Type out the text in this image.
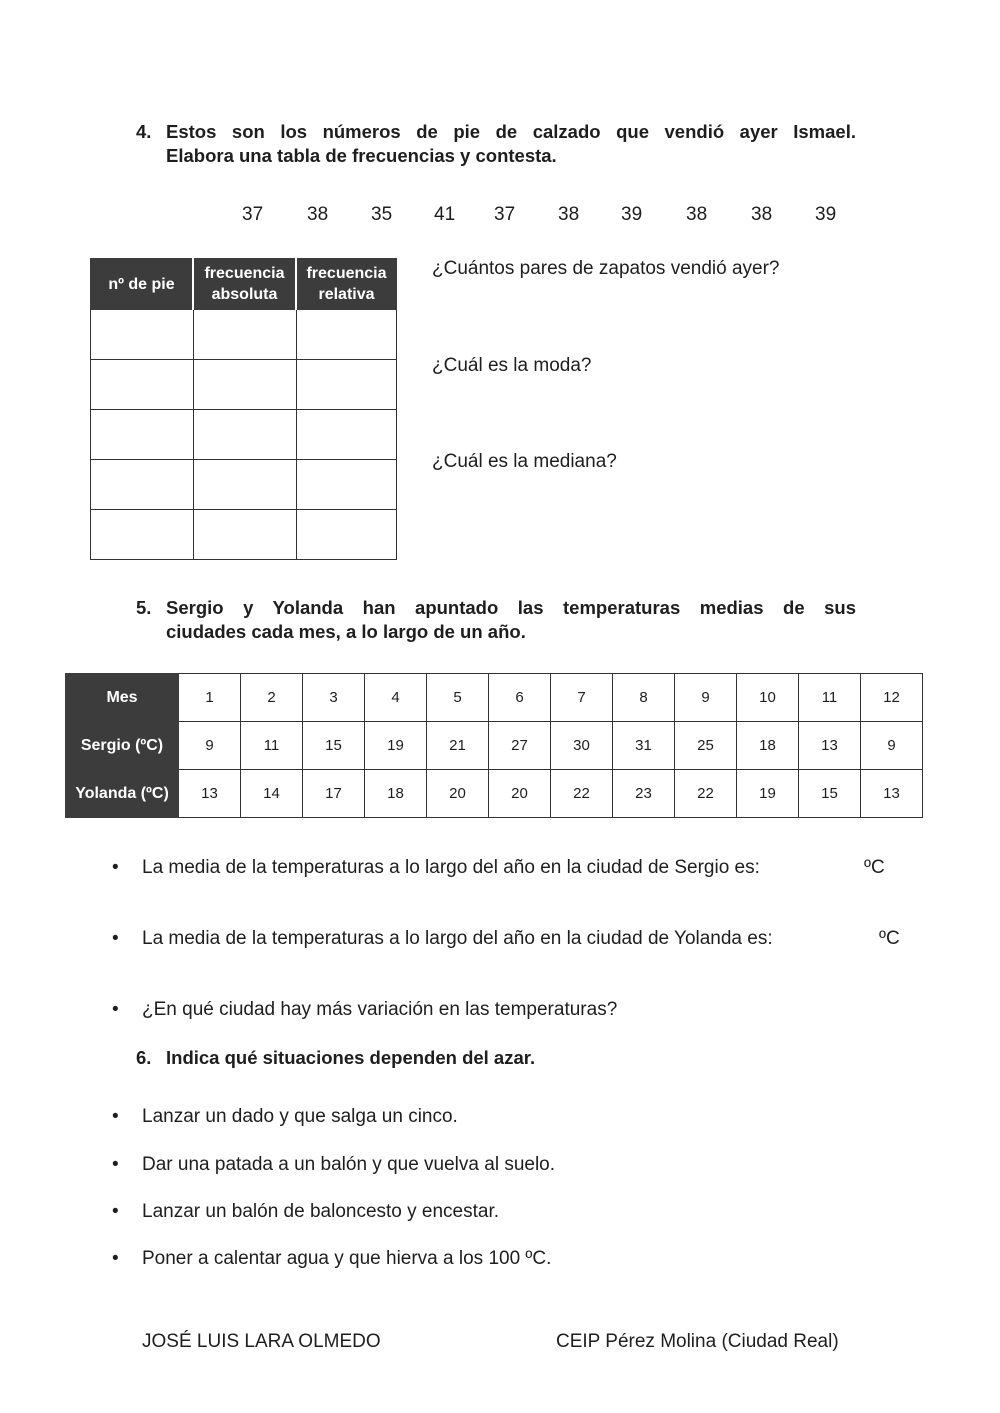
4. Estos son los números de pie de calzado que vendió ayer Ismael.
Elabora una tabla de frecuencias y contesta.
37 38 35 41 37 38 39 38 38 39
nº de pie	frecuencia absoluta	frecuencia relativa

¿Cuántos pares de zapatos vendió ayer?
¿Cuál es la moda?
¿Cuál es la mediana?
5. Sergio y Yolanda han apuntado las temperaturas medias de sus
ciudades cada mes, a lo largo de un año.
Mes	1	2	3	4	5	6	7	8	9	10	11	12
Sergio (ºC)	9	11	15	19	21	27	30	31	25	18	13	9
Yolanda (ºC)	13	14	17	18	20	20	22	23	22	19	15	13
• La media de la temperaturas a lo largo del año en la ciudad de Sergio es:	ºC
• La media de la temperaturas a lo largo del año en la ciudad de Yolanda es:	ºC
• ¿En qué ciudad hay más variación en las temperaturas?
6. Indica qué situaciones dependen del azar.
• Lanzar un dado y que salga un cinco.
• Dar una patada a un balón y que vuelva al suelo.
• Lanzar un balón de baloncesto y encestar.
• Poner a calentar agua y que hierva a los 100 ºC.
JOSÉ LUIS LARA OLMEDO	CEIP Pérez Molina (Ciudad Real)
